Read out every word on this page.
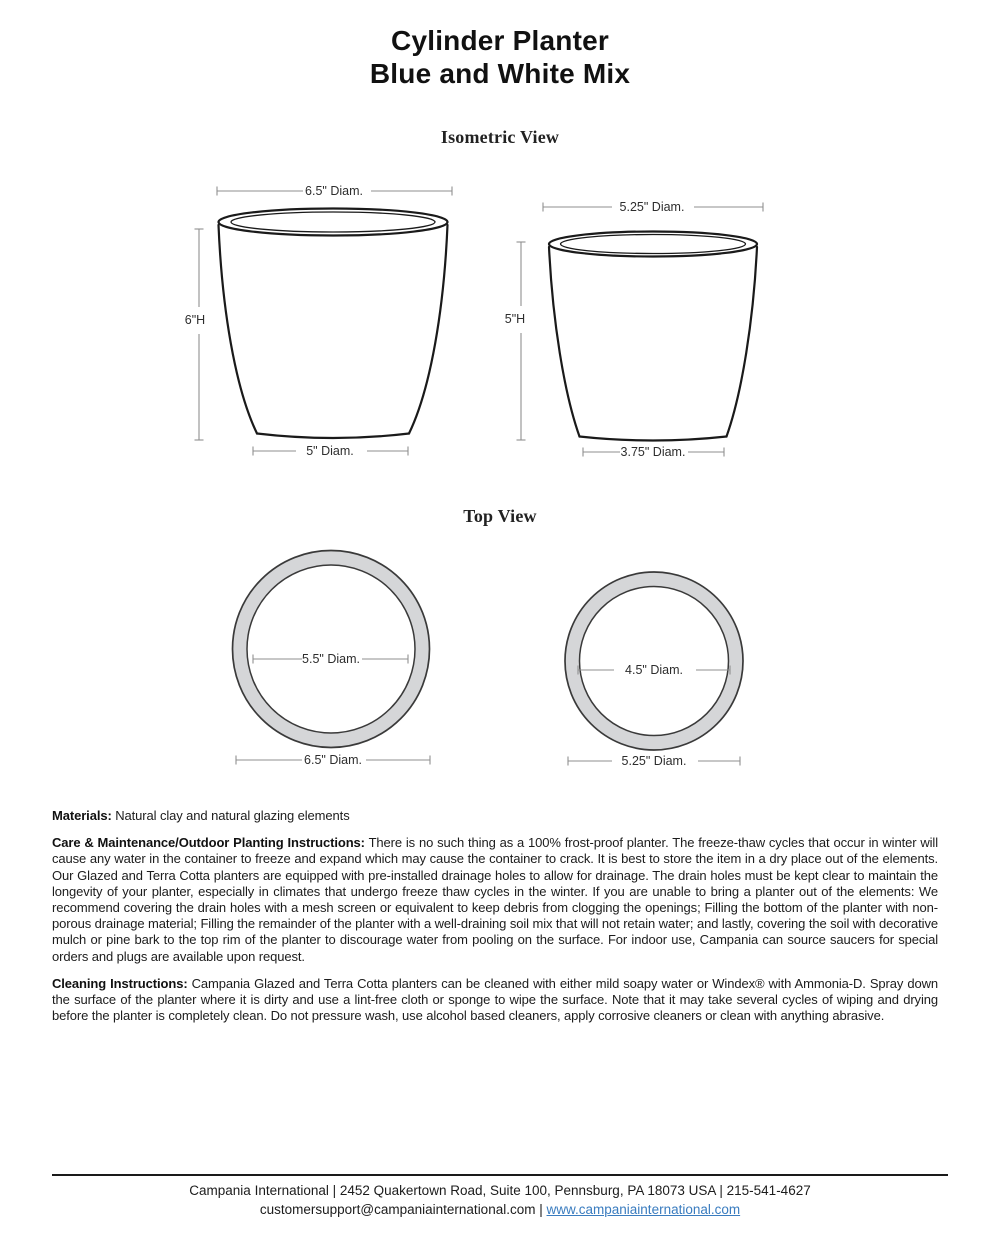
Cylinder Planter
Blue and White Mix
Isometric View
Top View
6.5" Diam.
6"H
5" Diam.
5.25" Diam.
5"H
3.75" Diam.
5.5" Diam.
6.5" Diam.
4.5" Diam.
5.25" Diam.

Materials: Natural clay and natural glazing elements

Care & Maintenance/Outdoor Planting Instructions: There is no such thing as a 100% frost-proof planter. The freeze-thaw cycles that occur in winter will cause any water in the container to freeze and expand which may cause the container to crack. It is best to store the item in a dry place out of the elements. Our Glazed and Terra Cotta planters are equipped with pre-installed drainage holes to allow for drainage. The drain holes must be kept clear to maintain the longevity of your planter, especially in climates that undergo freeze thaw cycles in the winter. If you are unable to bring a planter out of the elements: We recommend covering the drain holes with a mesh screen or equivalent to keep debris from clogging the openings; Filling the bottom of the planter with non-porous drainage material; Filling the remainder of the planter with a well-draining soil mix that will not retain water; and lastly, covering the soil with decorative mulch or pine bark to the top rim of the planter to discourage water from pooling on the surface. For indoor use, Campania can source saucers for special orders and plugs are available upon request.

Cleaning Instructions: Campania Glazed and Terra Cotta planters can be cleaned with either mild soapy water or Windex® with Ammonia-D. Spray down the surface of the planter where it is dirty and use a lint-free cloth or sponge to wipe the surface. Note that it may take several cycles of wiping and drying before the planter is completely clean. Do not pressure wash, use alcohol based cleaners, apply corrosive cleaners or clean with anything abrasive.

Campania International | 2452 Quakertown Road, Suite 100, Pennsburg, PA 18073 USA | 215-541-4627
customersupport@campaniainternational.com | www.campaniainternational.com
